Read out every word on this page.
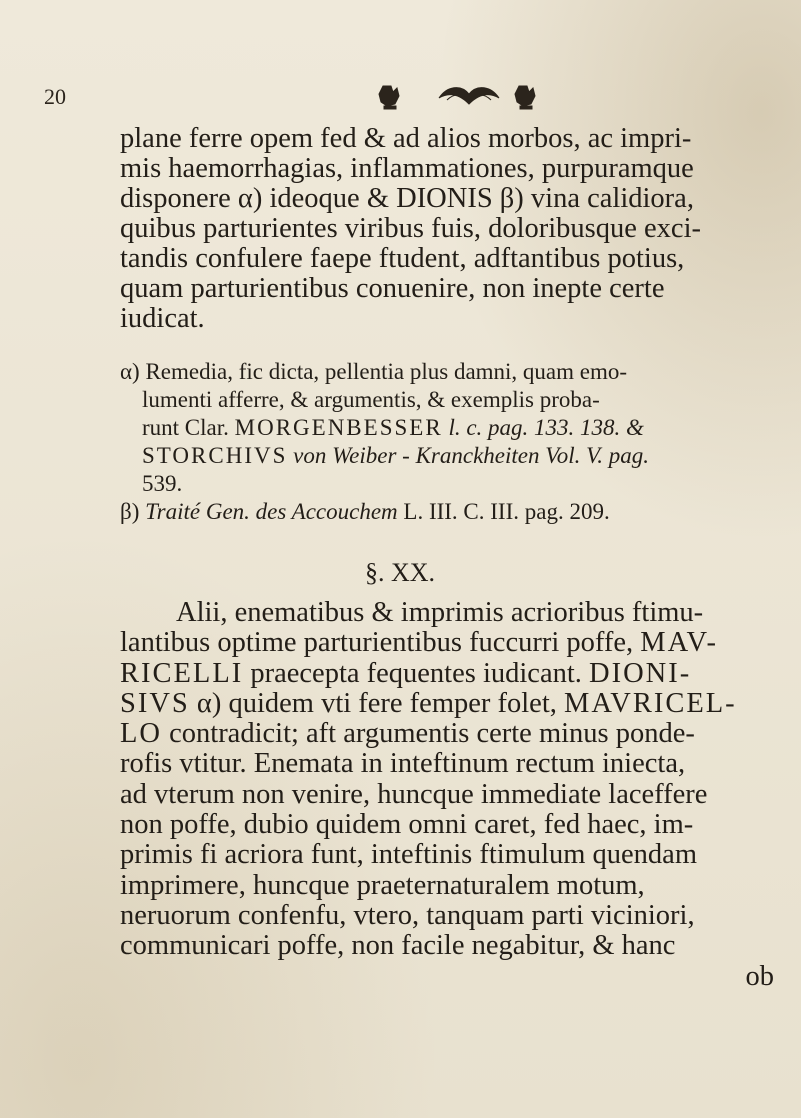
20
plane ferre opem fed & ad alios morbos, ac impri-
mis haemorrhagias, inflammationes, purpuramque
disponere α) ideoque & DIONIS β) vina calidiora,
quibus parturientes viribus fuis, doloribusque exci-
tandis confulere faepe ftudent, adftantibus potius,
quam parturientibus conuenire, non inepte certe
iudicat.
α) Remedia, fic dicta, pellentia plus damni, quam emo-
lumenti afferre, & argumentis, & exemplis proba-
runt Clar. MORGENBESSER l. c. pag. 133. 138. &
STORCHIVS von Weiber - Kranckheiten Vol. V. pag.
539.
β) Traité Gen. des Accouchem L. III. C. III. pag. 209.
§. XX.
Alii, enematibus & imprimis acrioribus ftimu-
lantibus optime parturientibus fuccurri poffe, MAV-
RICELLI praecepta fequentes iudicant. DIONI-
SIVS α) quidem vti fere femper folet, MAVRICEL-
LO contradicit; aft argumentis certe minus ponde-
rofis vtitur. Enemata in inteftinum rectum iniecta,
ad vterum non venire, huncque immediate laceffere
non poffe, dubio quidem omni caret, fed haec, im-
primis fi acriora funt, inteftinis ftimulum quendam
imprimere, huncque praeternaturalem motum,
neruorum confenfu, vtero, tanquam parti viciniori,
communicari poffe, non facile negabitur, & hanc
ob
